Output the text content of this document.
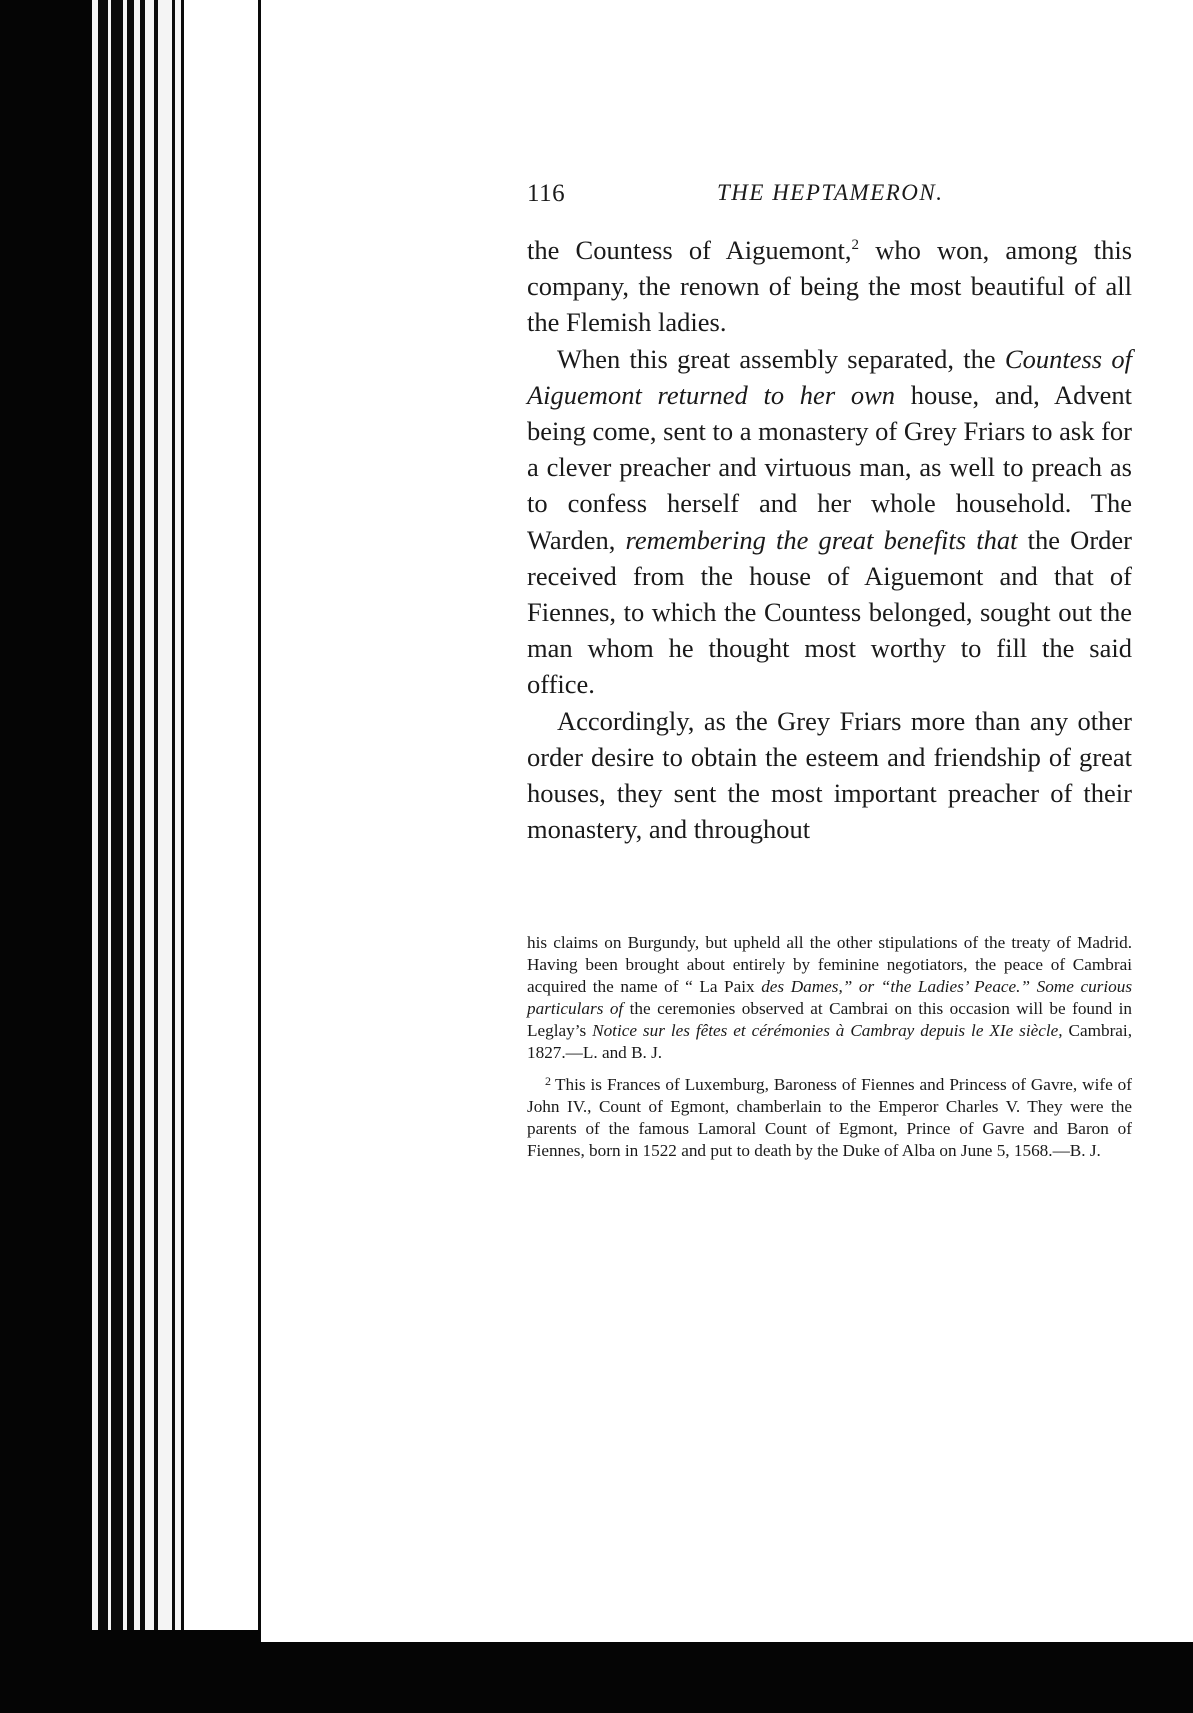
116	THE HEPTAMERON.

the Countess of Aiguemont,$^2$ who won, among this company, the renown of being the most beautiful of all the Flemish ladies.

When this great assembly separated, the Countess of Aiguemont returned to her own house, and, Advent being come, sent to a monastery of Grey Friars to ask for a clever preacher and virtuous man, as well to preach as to confess herself and her whole household. The Warden, remembering the great benefits that the Order received from the house of Aiguemont and that of Fiennes, to which the Countess belonged, sought out the man whom he thought most worthy to fill the said office.

Accordingly, as the Grey Friars more than any other order desire to obtain the esteem and friendship of great houses, they sent the most important preacher of their monastery, and throughout

his claims on Burgundy, but upheld all the other stipulations of the treaty of Madrid. Having been brought about entirely by feminine negotiators, the peace of Cambrai acquired the name of “ La Paix des Dames,” or “the Ladies’ Peace.” Some curious particulars of the ceremonies observed at Cambrai on this occasion will be found in Leglay’s Notice sur les fêtes et cérémonies à Cambray depuis le XIe siècle, Cambrai, 1827.—L. and B. J.

$^2$ This is Frances of Luxemburg, Baroness of Fiennes and Princess of Gavre, wife of John IV., Count of Egmont, chamberlain to the Emperor Charles V. They were the parents of the famous Lamoral Count of Egmont, Prince of Gavre and Baron of Fiennes, born in 1522 and put to death by the Duke of Alba on June 5, 1568.—B. J.
